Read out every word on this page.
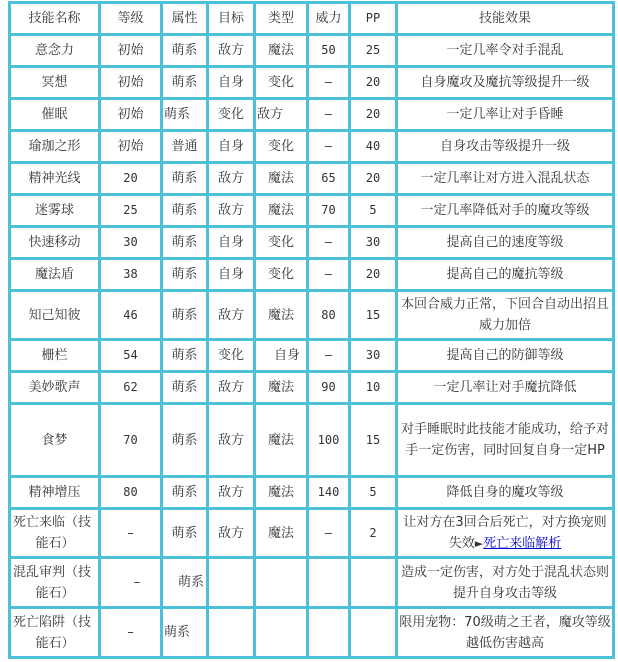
技能名称	等级	属性	目标	类型	威力	PP	技能效果
意念力	初始	萌系	敌方	魔法	50	25	一定几率令对手混乱
冥想	初始	萌系	自身	变化	–	20	自身魔攻及魔抗等级提升一级
催眠	初始	萌系	变化	敌方	–	20	一定几率让对手昏睡
瑜珈之形	初始	普通	自身	变化	–	40	自身攻击等级提升一级
精神光线	20	萌系	敌方	魔法	65	20	一定几率让对方进入混乱状态
迷雾球	25	萌系	敌方	魔法	70	5	一定几率降低对手的魔攻等级
快速移动	30	萌系	自身	变化	–	30	提高自己的速度等级
魔法盾	38	萌系	自身	变化	–	20	提高自己的魔抗等级
知己知彼	46	萌系	敌方	魔法	80	15	本回合威力正常，下回合自动出招且威力加倍
栅栏	54	萌系	变化	自身	–	30	提高自己的防御等级
美妙歌声	62	萌系	敌方	魔法	90	10	一定几率让对手魔抗降低
食梦	70	萌系	敌方	魔法	100	15	对手睡眠时此技能才能成功，给予对手一定伤害，同时回复自身一定HP
精神增压	80	萌系	敌方	魔法	140	5	降低自身的魔攻等级
死亡来临（技
能石）	–	萌系	敌方	魔法	–	2	让对方在3回合后死亡，对方换宠则失效►死亡来临解析
混乱审判（技
能石）	–	萌系					造成一定伤害，对方处于混乱状态则提升自身攻击等级
死亡陷阱（技
能石）	–	萌系					限用宠物：70级萌之王者，魔攻等级越低伤害越高
